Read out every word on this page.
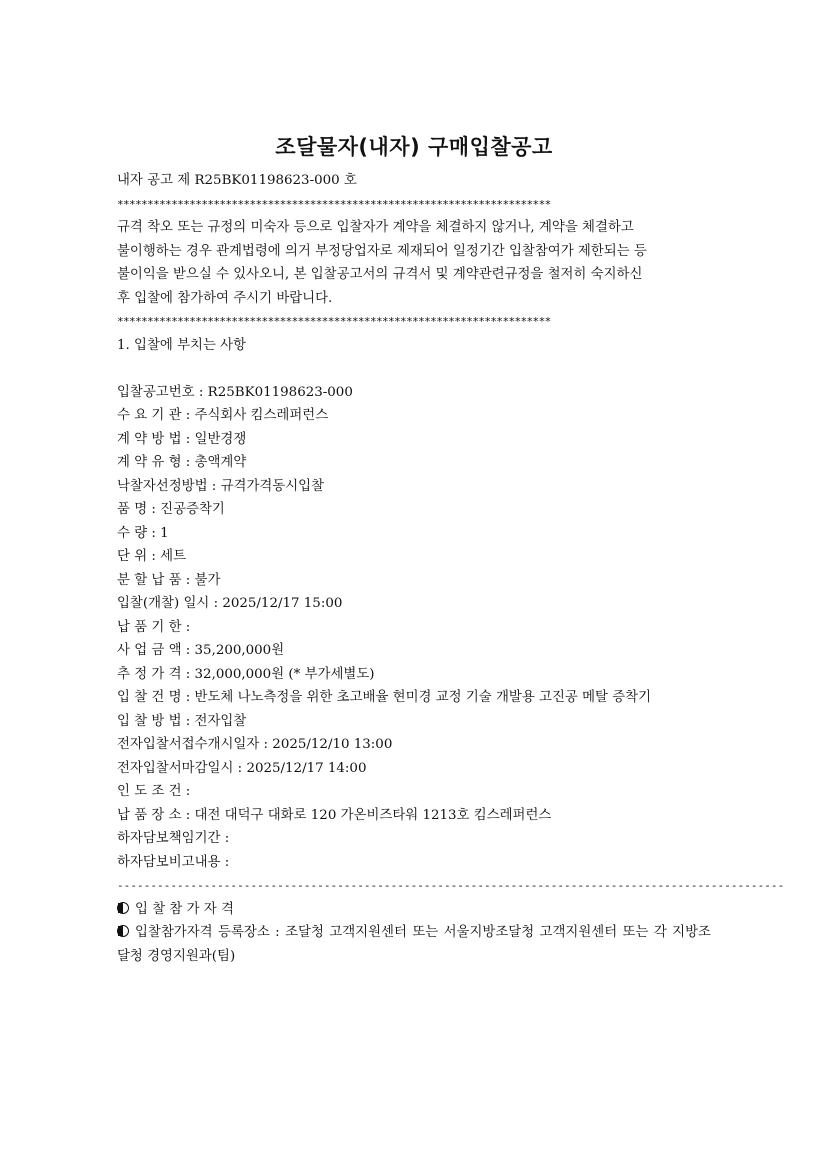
조달물자(내자) 구매입찰공고
내자 공고 제 R25BK01198623-000 호
************************************************************************
규격 착오 또는 규정의 미숙자 등으로 입찰자가 계약을 체결하지 않거나, 계약을 체결하고
불이행하는 경우 관계법령에 의거 부정당업자로 제재되어 일정기간 입찰참여가 제한되는 등
불이익을 받으실 수 있사오니, 본 입찰공고서의 규격서 및 계약관련규정을 철저히 숙지하신
후 입찰에 참가하여 주시기 바랍니다.
************************************************************************
1. 입찰에 부치는 사항
입찰공고번호 : R25BK01198623-000
수 요 기 관 : 주식회사 킴스레퍼런스
계 약 방 법 : 일반경쟁
계 약 유 형 : 총액계약
낙찰자선정방법 : 규격가격동시입찰
품 명 : 진공증착기
수 량 : 1
단 위 : 세트
분 할 납 품 : 불가
입찰(개찰) 일시 : 2025/12/17 15:00
납 품 기 한 :
사 업 금 액 : 35,200,000원
추 정 가 격 : 32,000,000원 (* 부가세별도)
입 찰 건 명 : 반도체 나노측정을 위한 초고배율 현미경 교정 기술 개발용 고진공 메탈 증착기
입 찰 방 법 : 전자입찰
전자입찰서접수개시일자 : 2025/12/10 13:00
전자입찰서마감일시 : 2025/12/17 14:00
인 도 조 건 :
납 품 장 소 : 대전 대덕구 대화로 120 가온비즈타워 1213호 킴스레퍼런스
하자담보책임기간 :
하자담보비고내용 :
----------------------------------------------------------------------------------------------------
입 찰 참 가 자 격
입찰참가자격 등록장소 : 조달청 고객지원센터 또는 서울지방조달청 고객지원센터 또는 각 지방조달청 경영지원과(팀)
